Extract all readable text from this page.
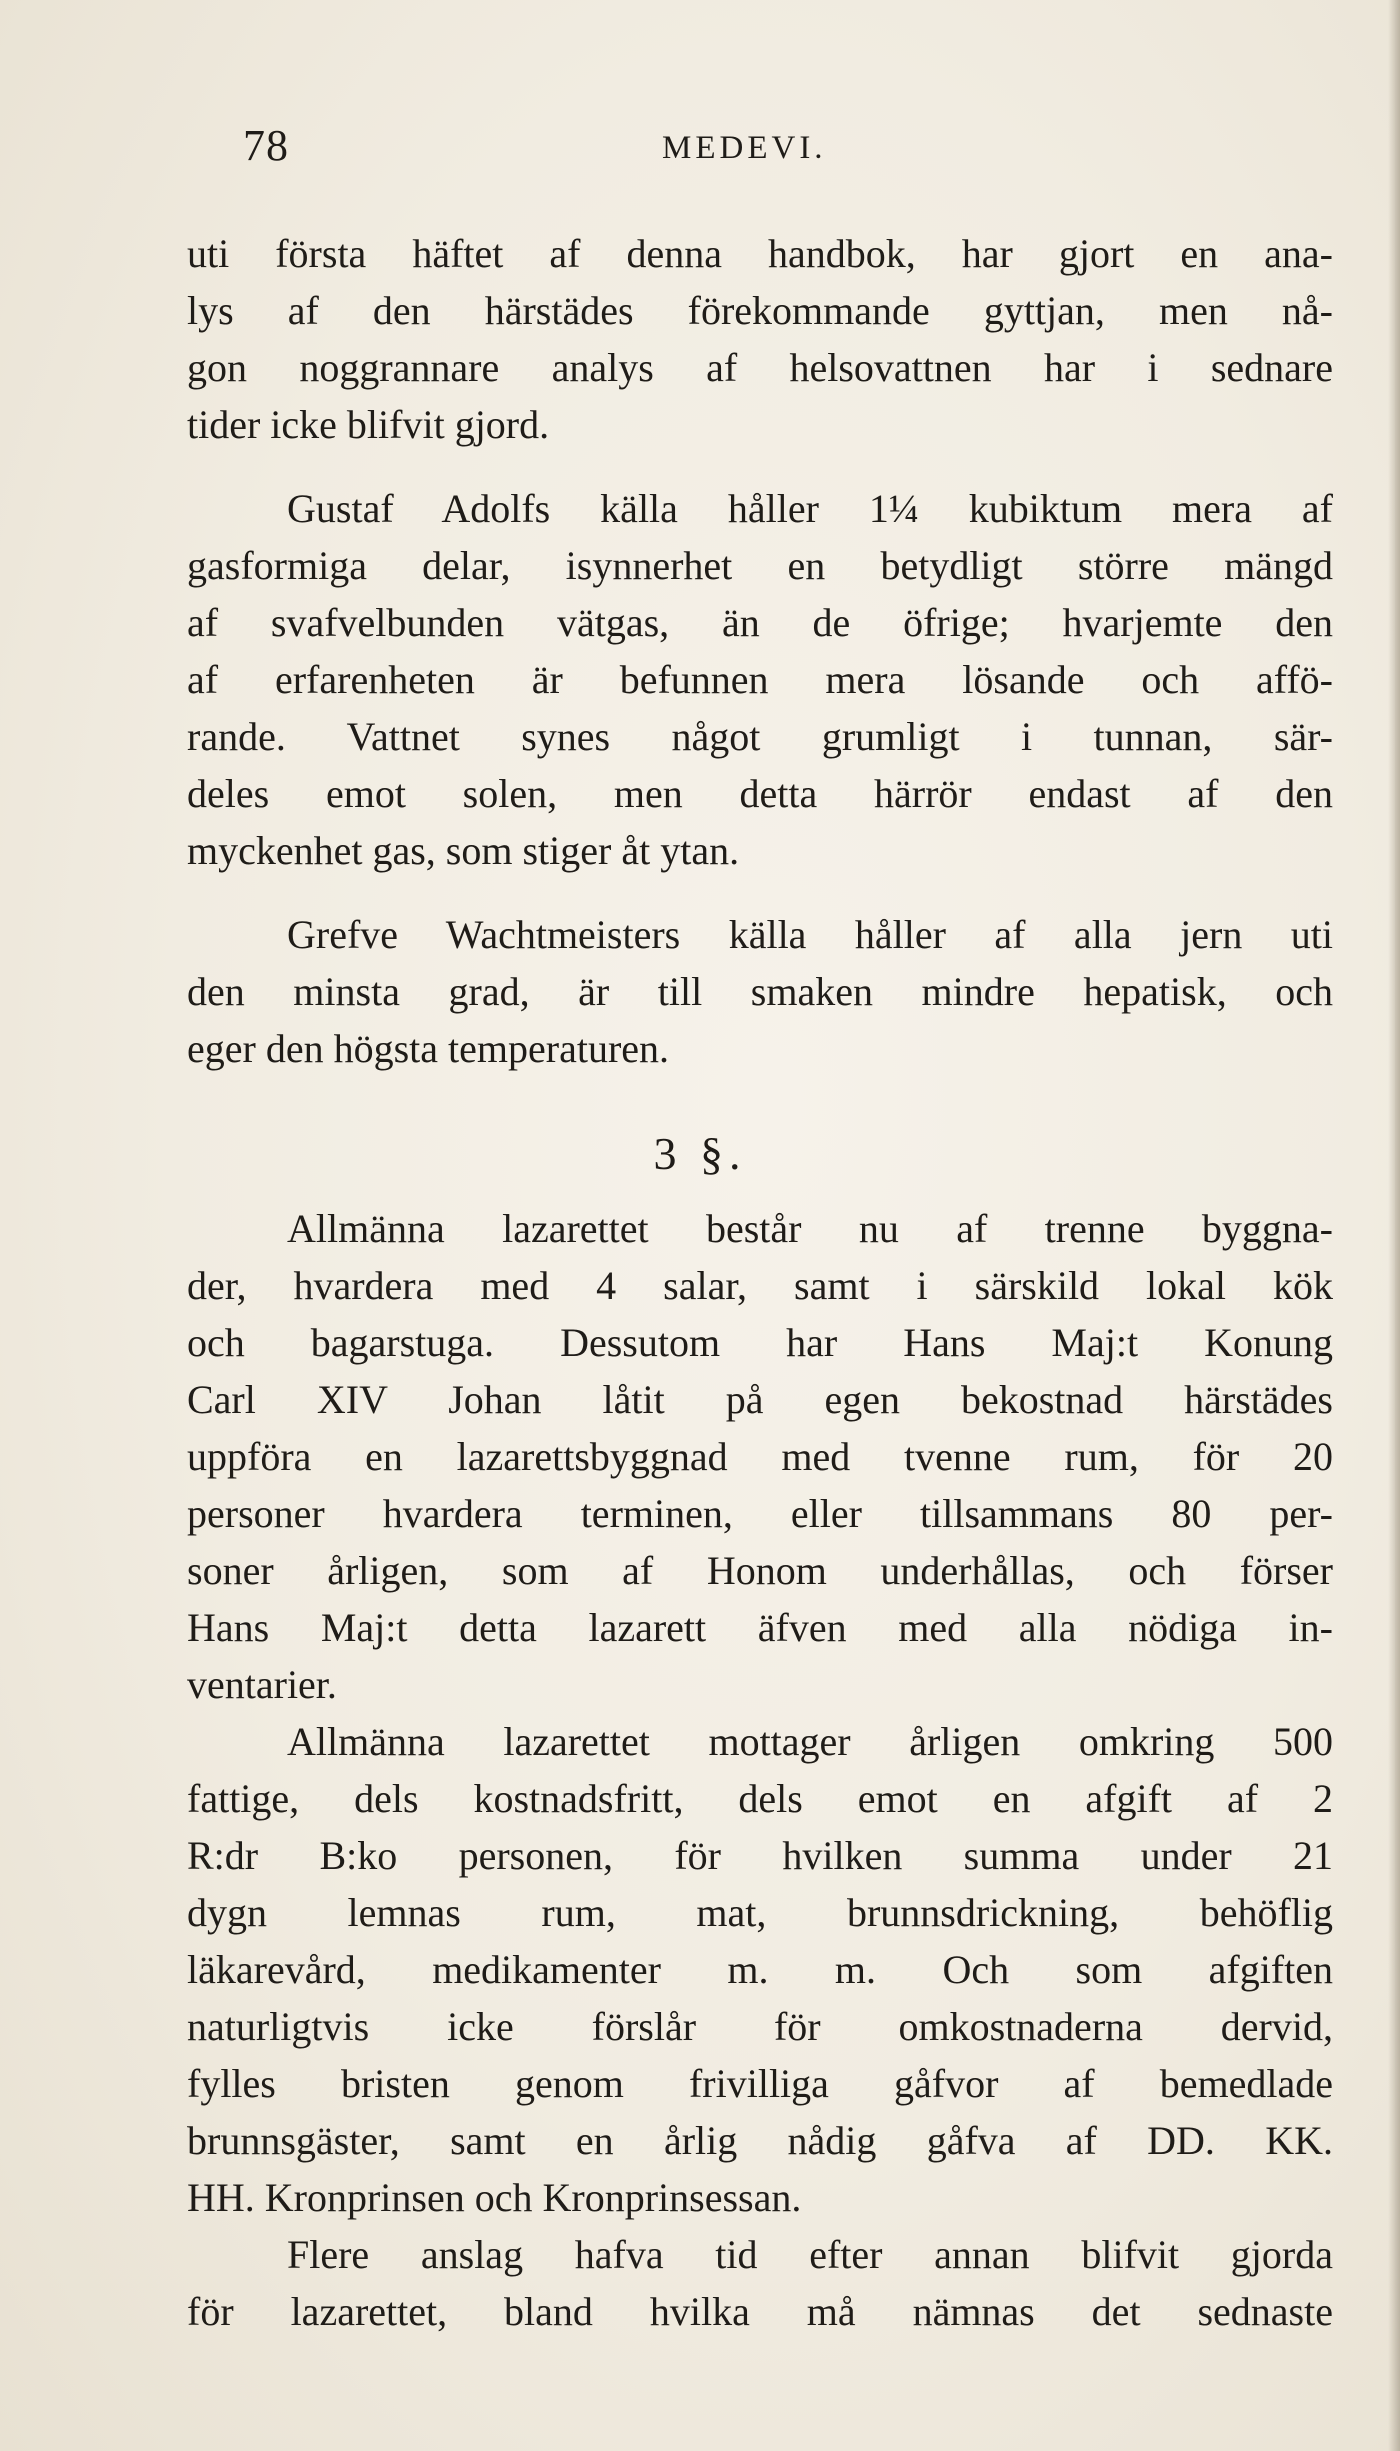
78	MEDEVI.
uti första häftet af denna handbok, har gjort en ana-
lys af den härstädes förekommande gyttjan, men nå-
gon noggrannare analys af helsovattnen har i sednare
tider icke blifvit gjord.
Gustaf Adolfs källa håller 1¼ kubiktum mera af
gasformiga delar, isynnerhet en betydligt större mängd
af svafvelbunden vätgas, än de öfrige; hvarjemte den
af erfarenheten är befunnen mera lösande och affö-
rande. Vattnet synes något grumligt i tunnan, sär-
deles emot solen, men detta härrör endast af den
myckenhet gas, som stiger åt ytan.
Grefve Wachtmeisters källa håller af alla jern uti
den minsta grad, är till smaken mindre hepatisk, och
eger den högsta temperaturen.
3 §.
Allmänna lazarettet består nu af trenne byggna-
der, hvardera med 4 salar, samt i särskild lokal kök
och bagarstuga. Dessutom har Hans Maj:t Konung
Carl XIV Johan låtit på egen bekostnad härstädes
uppföra en lazarettsbyggnad med tvenne rum, för 20
personer hvardera terminen, eller tillsammans 80 per-
soner årligen, som af Honom underhållas, och förser
Hans Maj:t detta lazarett äfven med alla nödiga in-
ventarier.
Allmänna lazarettet mottager årligen omkring 500
fattige, dels kostnadsfritt, dels emot en afgift af 2
R:dr B:ko personen, för hvilken summa under 21
dygn lemnas rum, mat, brunnsdrickning, behöflig
läkarevård, medikamenter m. m. Och som afgiften
naturligtvis icke förslår för omkostnaderna dervid,
fylles bristen genom frivilliga gåfvor af bemedlade
brunnsgäster, samt en årlig nådig gåfva af DD. KK.
HH. Kronprinsen och Kronprinsessan.
Flere anslag hafva tid efter annan blifvit gjorda
för lazarettet, bland hvilka må nämnas det sednaste
